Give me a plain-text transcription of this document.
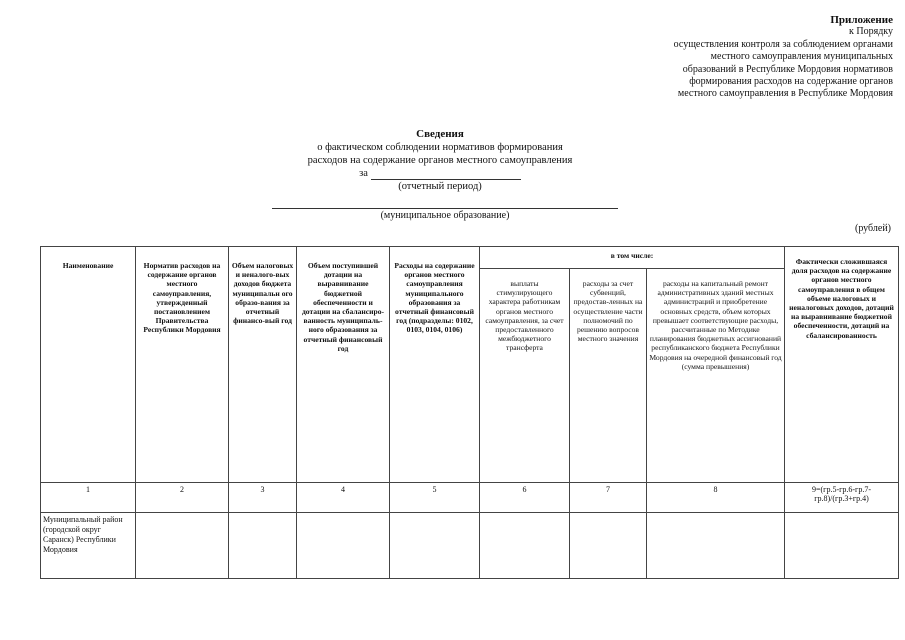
Приложение
к Порядку
осуществления контроля за соблюдением органами
местного самоуправления муниципальных
образований в Республике Мордовия нормативов
формирования расходов на содержание органов
местного самоуправления в Республике Мордовия
Сведения
о фактическом соблюдении нормативов формирования
расходов на содержание органов местного самоуправления
за
(отчетный период)
(муниципальное образование)
(рублей)
Наименование	Норматив расходов на содержание органов местного самоуправления, утвержденный постановлением Правительства Республики Мордовия	Объем налоговых и неналого-вых доходов бюджета муниципальн ого образо-вания за отчетный финансо-вый год	Объем поступившей дотации на выравнивание бюджетной обеспеченности и дотации на сбалансиро-ванность муниципаль-ного образования за отчетный финансовый год	Расходы на содержание органов местного самоуправления муниципального образования за отчетный финансовый год (подразделы: 0102, 0103, 0104, 0106)	в том числе:			Фактически сложившаяся доля расходов на содержание органов местного самоуправления в общем объеме налоговых и неналоговых доходов, дотаций на выравнивание бюджетной обеспеченности, дотаций на сбалансированность
					выплаты стимулирующего характера работникам органов местного самоуправления, за счет предоставленного межбюджетного трансферта	расходы за счет субвенций, предостав-ленных на осуществление части полномочий по решению вопросов местного значения	расходы на капитальный ремонт административных зданий местных администраций и приобретение основных средств, объем которых превышает соответствующие расходы, рассчитанные по Методике планирования бюджетных ассигнований республиканского бюджета Республики Мордовия на очередной финансовый год (сумма превышения)	
1	2	3	4	5	6	7	8	9=(гр.5-гр.6-гр.7-гр.8)/(гр.3+гр.4)
Муниципальный район (городской округ Саранск) Республики Мордовия								
